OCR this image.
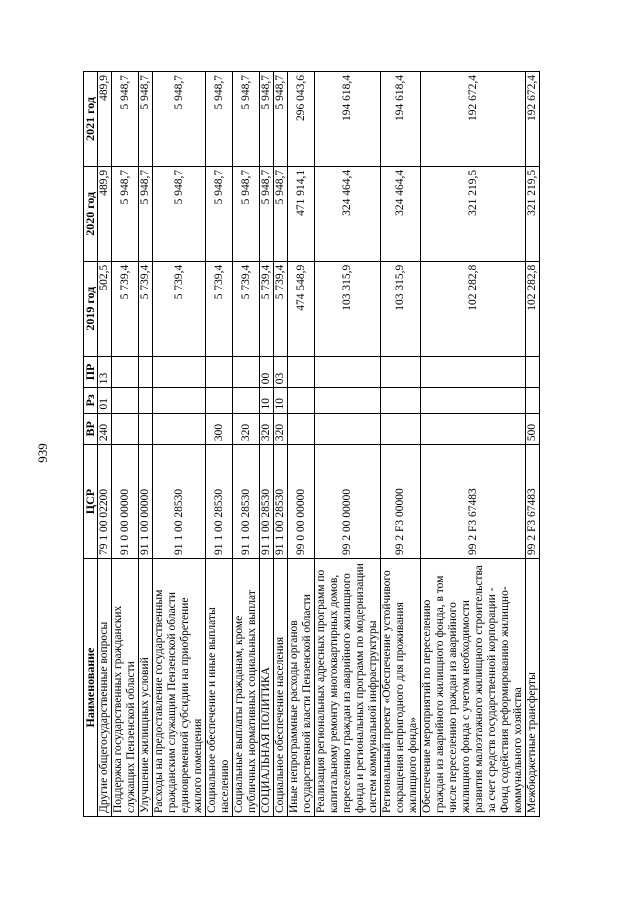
939
Наименование	ЦСР	ВР	Рз	ПР	2019 год	2020 год	2021 год
Другие общегосударственные вопросы	79 1 00 02200	240	01	13	502,5	489,9	489,9
Поддержка государственных гражданских служащих Пензенской области	91 0 00 00000				5 739,4	5 948,7	5 948,7
Улучшение жилищных условий	91 1 00 00000				5 739,4	5 948,7	5 948,7
Расходы на предоставление государственным гражданским служащим Пензенской области единовременной субсидии на приобретение жилого помещения	91 1 00 28530				5 739,4	5 948,7	5 948,7
Социальное обеспечение и иные выплаты населению	91 1 00 28530	300			5 739,4	5 948,7	5 948,7
Социальные выплаты гражданам, кроме публичных нормативных социальных выплат	91 1 00 28530	320			5 739,4	5 948,7	5 948,7
СОЦИАЛЬНАЯ ПОЛИТИКА	91 1 00 28530	320	10	00	5 739,4	5 948,7	5 948,7
Социальное обеспечение населения	91 1 00 28530	320	10	03	5 739,4	5 948,7	5 948,7
Иные непрограммные расходы органов государственной власти Пензенской области	99 0 00 00000				474 548,9	471 914,1	296 043,6
Реализация региональных адресных программ по капитальному ремонту многоквартирных домов, переселению граждан из аварийного жилищного фонда и региональных программ по модернизации систем коммунальной инфраструктуры	99 2 00 00000				103 315,9	324 464,4	194 618,4
Региональный проект «Обеспечение устойчивого сокращения непригодного для проживания жилищного фонда»	99 2 F3 00000				103 315,9	324 464,4	194 618,4
Обеспечение мероприятий по переселению граждан из аварийного жилищного фонда, в том числе переселению граждан из аварийного жилищного фонда с учетом необходимости развития малоэтажного жилищного строительства за счет средств государственной корпорации - Фонд содействия реформированию жилищно-коммунального хозяйства	99 2 F3 67483				102 282,8	321 219,5	192 672,4
Межбюджетные трансферты	99 2 F3 67483	500			102 282,8	321 219,5	192 672,4
